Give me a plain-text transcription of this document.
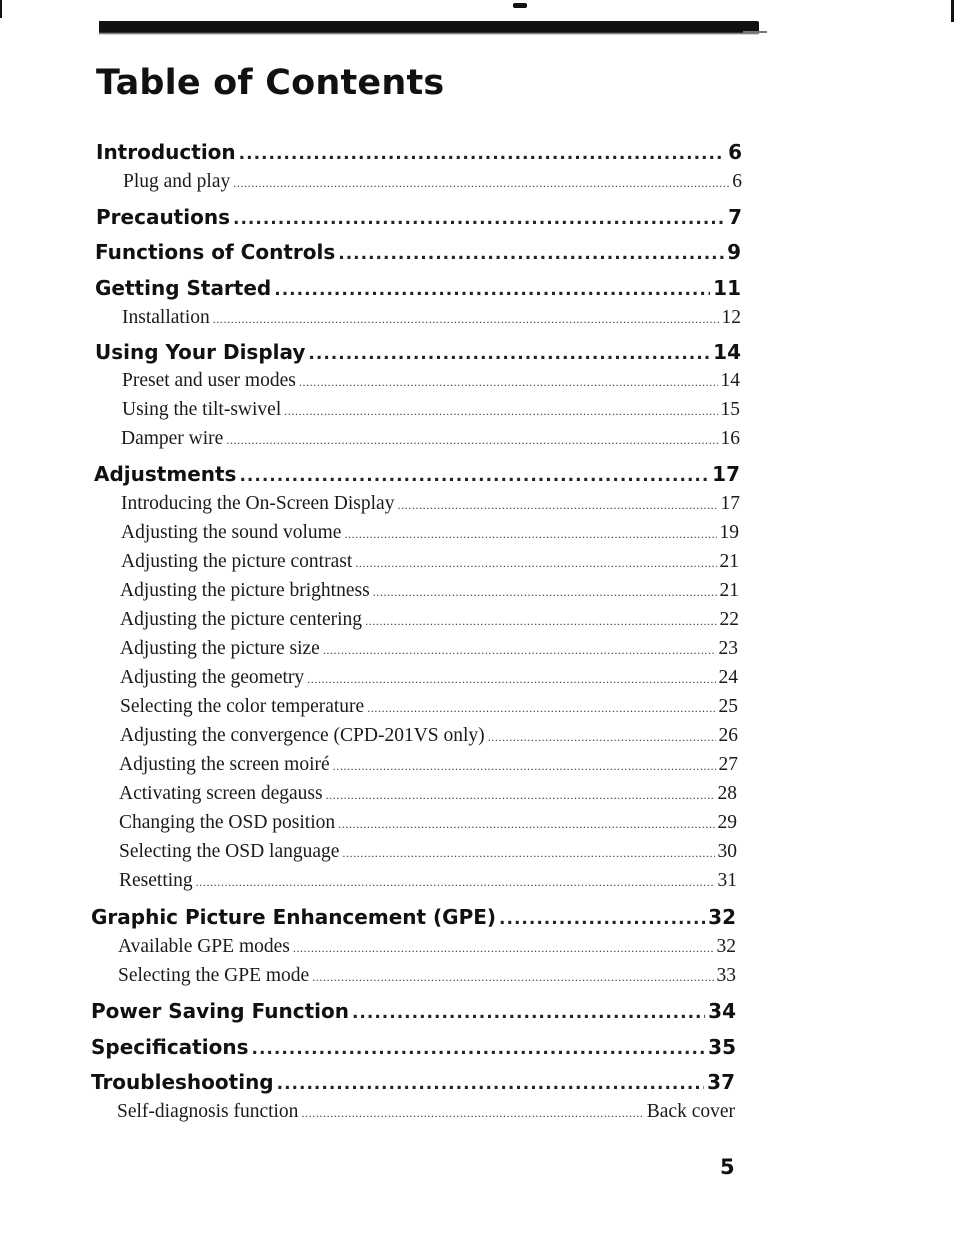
Table of Contents
Introduction .....	6
Plug and play .....	6
Precautions .....	7
Functions of Controls .....	9
Getting Started .....	11
Installation .....	12
Using Your Display .....	14
Preset and user modes .....	14
Using the tilt-swivel .....	15
Damper wire .....	16
Adjustments .....	17
Introducing the On-Screen Display .....	17
Adjusting the sound volume .....	19
Adjusting the picture contrast .....	21
Adjusting the picture brightness .....	21
Adjusting the picture centering .....	22
Adjusting the picture size .....	23
Adjusting the geometry .....	24
Selecting the color temperature .....	25
Adjusting the convergence (CPD-201VS only) .....	26
Adjusting the screen moiré .....	27
Activating screen degauss .....	28
Changing the OSD position .....	29
Selecting the OSD language .....	30
Resetting .....	31
Graphic Picture Enhancement (GPE) .....	32
Available GPE modes .....	32
Selecting the GPE mode .....	33
Power Saving Function .....	34
Specifications .....	35
Troubleshooting .....	37
Self-diagnosis function .....	Back cover
5
